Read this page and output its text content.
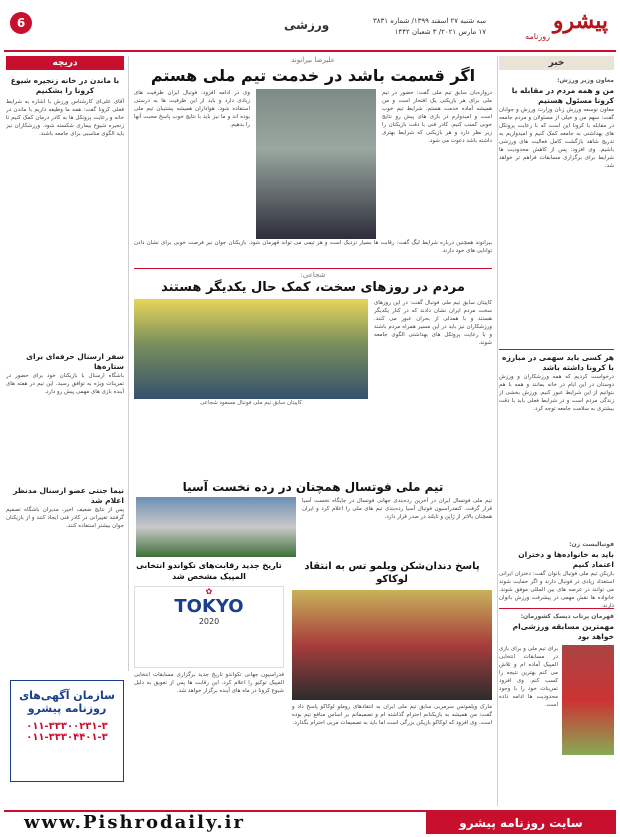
پیشرو
روزنامه
سه شنبه ۲۷ اسفند ۱۳۹۹/ شماره ۳۸۳۱
۱۷ مارس ۲۰۲۱/ ۳ شعبان ۱۴۴۲
ورزشی
6
خبر
معاون وزیر ورزش:
من و همه مردم در مقابله با کرونا مسئول هستیم
معاون توسعه ورزش زنان وزارت ورزش و جوانان گفت: سهم من و خیلی از مسئولان و مردم جامعه در مقابله با کرونا این است که با رعایت پروتکل های بهداشتی به جامعه کمک کنیم و امیدواریم به تدریج شاهد بازگشت کامل فعالیت های ورزشی باشیم. وی افزود: پس از کاهش محدودیت ها شرایط برای برگزاری مسابقات فراهم تر خواهد شد.
هر کسی باید سهمی در مبارزه با کرونا داشته باشد
درخواست کردیم که همه ورزشکاران و ورزش دوستان در این ایام در خانه بمانند و همه با هم بتوانیم از این شرایط عبور کنیم. ورزش بخشی از زندگی مردم است و در شرایط فعلی باید با دقت بیشتری به سلامت جامعه توجه کرد.
قهرمان پرتاب دیسک کشورمان:
مهمترین مسابقه ورزشی‌ام خواهد بود
برای تیم ملی و برای بازی در مسابقات انتخابی المپیک آماده ام و تلاش می کنم بهترین نتیجه را کسب کنم. وی افزود تمرینات خود را با وجود محدودیت ها ادامه داده است.
دریچه
با ماندن در خانه زنجیره شیوع کرونا را بشکنیم
آقای علی‌ای کارشناس ورزش با اشاره به شرایط فعلی کرونا گفت: همه ما وظیفه داریم با ماندن در خانه و رعایت پروتکل ها به کادر درمان کمک کنیم تا زنجیره شیوع بیماری شکسته شود. ورزشکاران نیز باید الگوی مناسبی برای جامعه باشند.
سفر ارسنال حرفه‌ای برای ستاره‌ها
باشگاه ارسنال با بازیکنان خود برای حضور در تمرینات ویژه به توافق رسید. این تیم در هفته های آینده بازی های مهمی پیش رو دارد.
نیما جنتی عضو ارسنال مدنظر اعلام شد
پس از نتایج ضعیف اخیر، مدیران باشگاه تصمیم گرفتند تغییراتی در کادر فنی ایجاد کنند و از بازیکنان جوان بیشتر استفاده کنند.
علیرضا بیرانوند
اگر قسمت باشد در خدمت تیم ملی هستم
دروازه‌بان سابق تیم ملی گفت: حضور در تیم ملی برای هر بازیکنی یک افتخار است و من همیشه آماده خدمت هستم. شرایط تیم خوب است و امیدوارم در بازی های پیش رو نتایج خوبی کسب کنیم. کادر فنی با دقت بازیکنان را زیر نظر دارد و هر بازیکنی که شرایط بهتری داشته باشد دعوت می شود.
وی در ادامه افزود: فوتبال ایران ظرفیت های زیادی دارد و باید از این ظرفیت ها به درستی استفاده شود. هواداران همیشه پشتیبان تیم ملی بوده اند و ما نیز باید با نتایج خوب پاسخ محبت آنها را بدهیم.
بیرانوند همچنین درباره شرایط لیگ گفت: رقابت ها بسیار نزدیک است و هر تیمی می تواند قهرمان شود. بازیکنان جوان نیز فرصت خوبی برای نشان دادن توانایی های خود دارند.
شجاعی:
مردم در روزهای سخت، کمک حال یکدیگر هستند
کاپیتان سابق تیم ملی فوتبال گفت: در این روزهای سخت مردم ایران نشان دادند که در کنار یکدیگر هستند و با همدلی از بحران عبور می کنند. ورزشکاران نیز باید در این مسیر همراه مردم باشند و با رعایت پروتکل های بهداشتی الگوی جامعه شوند.
کاپیتان سابق تیم ملی فوتبال مسعود شجاعی
تیم ملی فوتسال همچنان در رده نخست آسیا
تیم ملی فوتسال ایران در آخرین رده‌بندی جهانی فوتسال در جایگاه نخست آسیا قرار گرفت. کنفدراسیون فوتبال آسیا رده‌بندی تیم های ملی را اعلام کرد و ایران همچنان بالاتر از ژاپن و تایلند در صدر قرار دارد.
تاریخ جدید رقابت‌های تکواندو انتخابی المپیک مشخص شد
✿
TOKYO
2020
فدراسیون جهانی تکواندو تاریخ جدید برگزاری مسابقات انتخابی المپیک توکیو را اعلام کرد. این رقابت ها پس از تعویق به دلیل شیوع کرونا در ماه های آینده برگزار خواهد شد.
پاسخ دندان‌شکن ویلمو تس به انتقاد لوکاکو
مارک ویلموتس سرمربی سابق تیم ملی ایران به انتقادهای روملو لوکاکو پاسخ داد و گفت: من همیشه به بازیکنانم احترام گذاشته ام و تصمیماتم بر اساس منافع تیم بوده است. وی افزود که لوکاکو بازیکن بزرگی است اما باید به تصمیمات مربی احترام بگذارد.
فوتبالیست زن:
باید به خانواده‌ها و دختران اعتماد کنیم
بازیکن تیم ملی فوتبال بانوان گفت: دختران ایرانی استعداد زیادی در فوتبال دارند و اگر حمایت شوند می توانند در عرصه های بین المللی موفق شوند. خانواده ها نقش مهمی در پیشرفت ورزش بانوان دارند.
سازمان آگهی‌های
روزنامه پیشرو
۰۱۱-۳۳۳۰۰۲۳۱-۳
۰۱۱-۳۳۳۰۴۴۰۱-۳
www.Pishrodaily.ir	سایت روزنامه پیشرو
